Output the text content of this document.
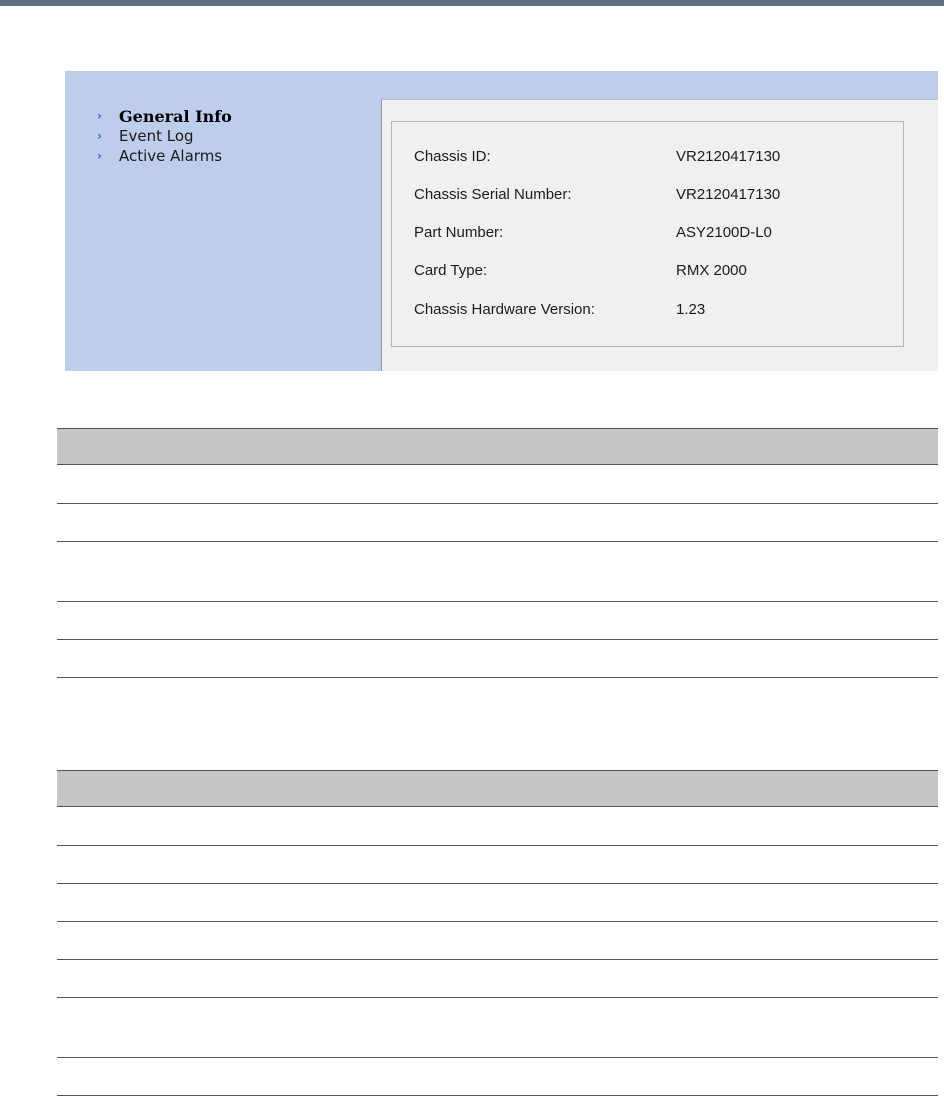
›	General Info
›	Event Log
›	Active Alarms	Chassis ID:	VR2120417130
Chassis Serial Number:	VR2120417130
Part Number:	ASY2100D-L0
Card Type:	RMX 2000
Chassis Hardware Version:	1.23
